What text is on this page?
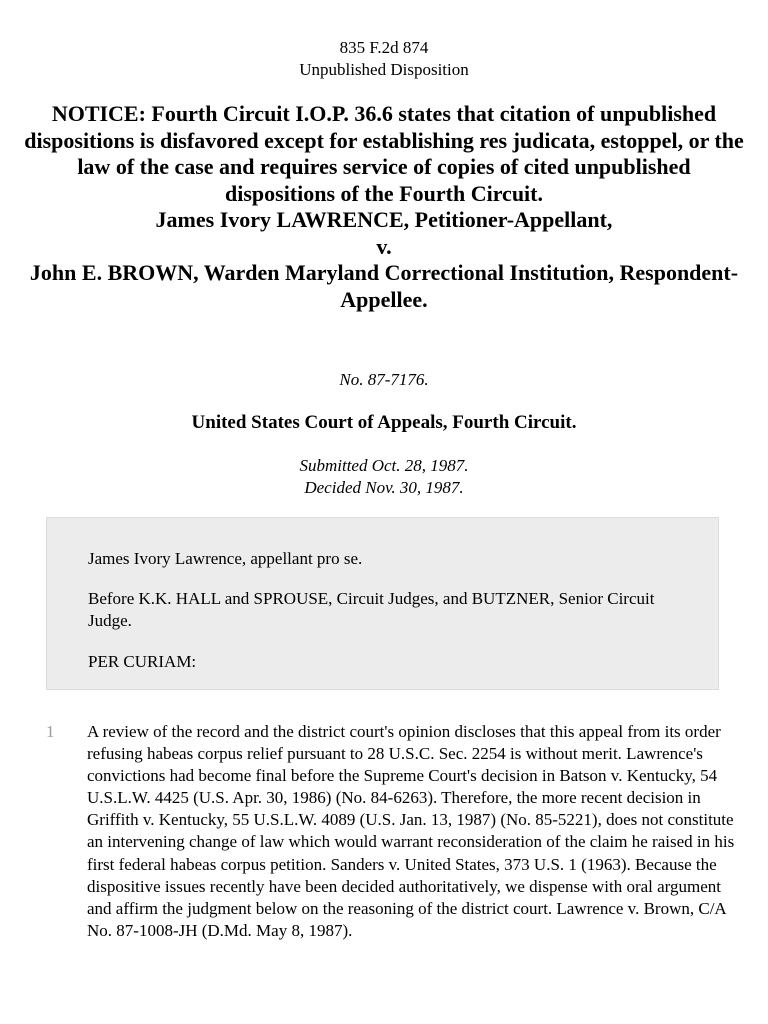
835 F.2d 874
Unpublished Disposition
NOTICE: Fourth Circuit I.O.P. 36.6 states that citation of unpublished dispositions is disfavored except for establishing res judicata, estoppel, or the law of the case and requires service of copies of cited unpublished dispositions of the Fourth Circuit.
James Ivory LAWRENCE, Petitioner-Appellant,
v.
John E. BROWN, Warden Maryland Correctional Institution, Respondent-Appellee.
No. 87-7176.
United States Court of Appeals, Fourth Circuit.
Submitted Oct. 28, 1987.
Decided Nov. 30, 1987.

James Ivory Lawrence, appellant pro se.

Before K.K. HALL and SPROUSE, Circuit Judges, and BUTZNER, Senior Circuit Judge.

PER CURIAM:

1 A review of the record and the district court's opinion discloses that this appeal from its order refusing habeas corpus relief pursuant to 28 U.S.C. Sec. 2254 is without merit. Lawrence's convictions had become final before the Supreme Court's decision in Batson v. Kentucky, 54 U.S.L.W. 4425 (U.S. Apr. 30, 1986) (No. 84-6263). Therefore, the more recent decision in Griffith v. Kentucky, 55 U.S.L.W. 4089 (U.S. Jan. 13, 1987) (No. 85-5221), does not constitute an intervening change of law which would warrant reconsideration of the claim he raised in his first federal habeas corpus petition. Sanders v. United States, 373 U.S. 1 (1963). Because the dispositive issues recently have been decided authoritatively, we dispense with oral argument and affirm the judgment below on the reasoning of the district court. Lawrence v. Brown, C/A No. 87-1008-JH (D.Md. May 8, 1987).
